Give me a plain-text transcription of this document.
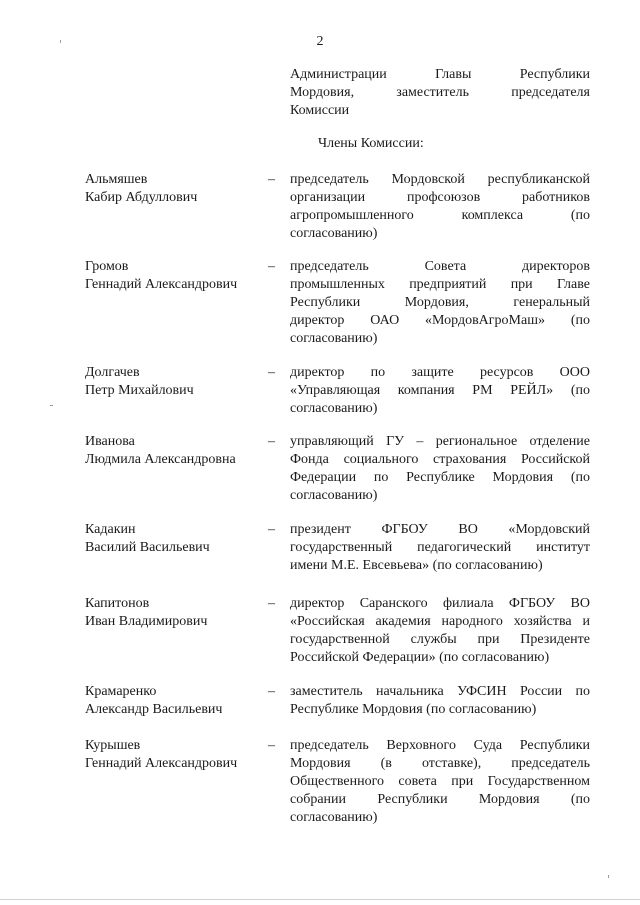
2
Администрации Главы Республики
Мордовия, заместитель председателя
Комиссии
Члены Комиссии:
Альмяшев
Кабир Абдуллович
– председатель Мордовской республиканской
организации профсоюзов работников
агропромышленного комплекса (по
согласованию)
Громов
Геннадий Александрович
– председатель Совета директоров
промышленных предприятий при Главе
Республики Мордовия, генеральный
директор ОАО «МордовАгроМаш» (по
согласованию)
Долгачев
Петр Михайлович
– директор по защите ресурсов ООО
«Управляющая компания РМ РЕЙЛ» (по
согласованию)
Иванова
Людмила Александровна
– управляющий ГУ – региональное отделение
Фонда социального страхования Российской
Федерации по Республике Мордовия (по
согласованию)
Кадакин
Василий Васильевич
– президент ФГБОУ ВО «Мордовский
государственный педагогический институт
имени М.Е. Евсевьева» (по согласованию)
Капитонов
Иван Владимирович
– директор Саранского филиала ФГБОУ ВО
«Российская академия народного хозяйства и
государственной службы при Президенте
Российской Федерации» (по согласованию)
Крамаренко
Александр Васильевич
– заместитель начальника УФСИН России по
Республике Мордовия (по согласованию)
Курышев
Геннадий Александрович
– председатель Верховного Суда Республики
Мордовия (в отставке), председатель
Общественного совета при Государственном
собрании Республики Мордовия (по
согласованию)
